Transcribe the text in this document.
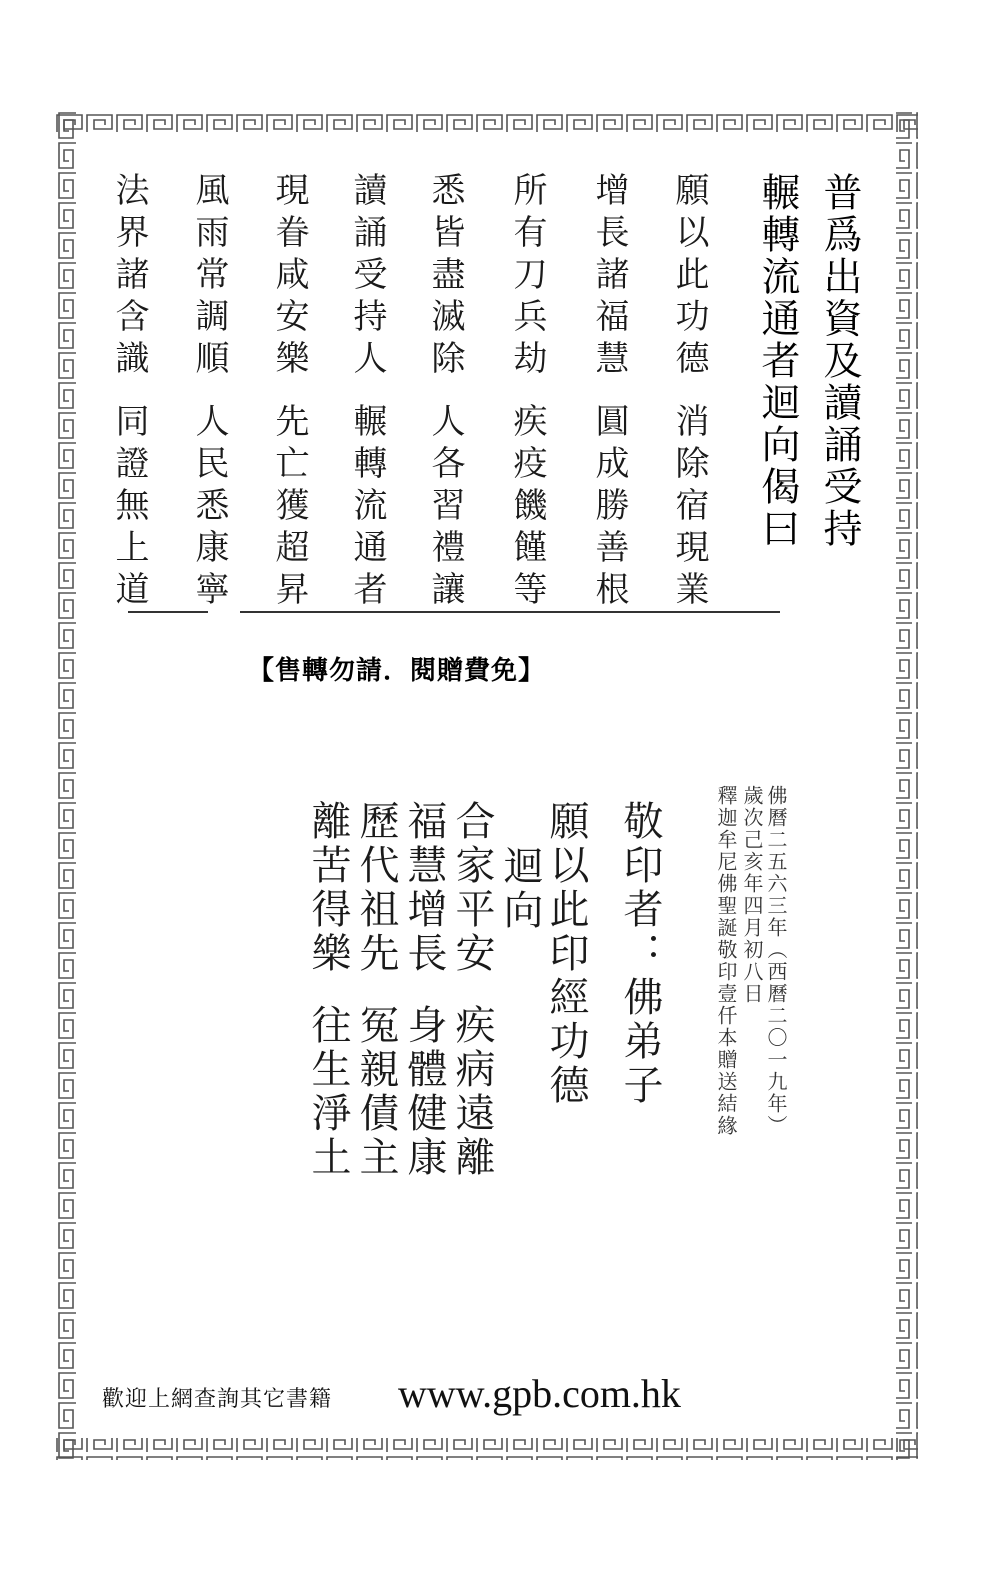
普爲出資及讀誦受持
輾轉流通者迴向偈曰
願以此功德
增長諸福慧
所有刀兵劫
悉皆盡滅除
讀誦受持人
現眷咸安樂
風雨常調順
法界諸含識
消除宿現業
圓成勝善根
疾疫饑饉等
人各習禮讓
輾轉流通者
先亡獲超昇
人民悉康寧
同證無上道
【售轉勿請．閱贈費免】
佛曆二五六三年（西曆二〇一九年）
歲次己亥年四月初八日
釋迦牟尼佛聖誕敬印壹仟本贈送結緣
敬印者：佛弟子
願以此印經功德
迴向
合家平安
疾病遠離
福慧增長
身體健康
歷代祖先
冤親債主
離苦得樂
往生淨土
歡迎上網查詢其它書籍 www.gpb.com.hk
